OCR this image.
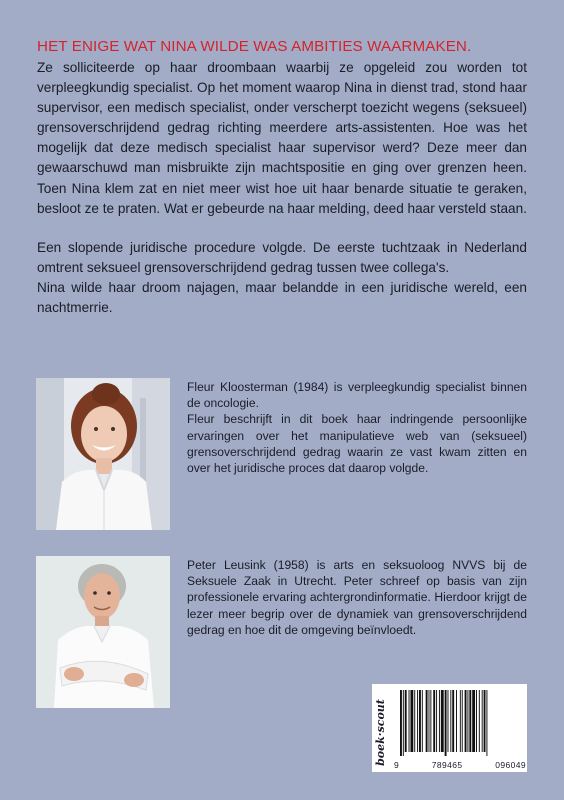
HET ENIGE WAT NINA WILDE WAS AMBITIES WAARMAKEN.

Ze solliciteerde op haar droombaan waarbij ze opgeleid zou worden tot verpleegkundig specialist. Op het moment waarop Nina in dienst trad, stond haar supervisor, een medisch specialist, onder verscherpt toezicht wegens (seksueel) grensoverschrijdend gedrag richting meerdere arts-assistenten. Hoe was het mogelijk dat deze medisch specialist haar supervisor werd? Deze meer dan gewaarschuwd man misbruikte zijn machtspositie en ging over grenzen heen. Toen Nina klem zat en niet meer wist hoe uit haar benarde situatie te geraken, besloot ze te praten. Wat er gebeurde na haar melding, deed haar versteld staan.

Een slopende juridische procedure volgde. De eerste tuchtzaak in Nederland omtrent seksueel grensoverschrijdend gedrag tussen twee collega's.

Nina wilde haar droom najagen, maar belandde in een juridische wereld, een nachtmerrie.

Fleur Kloosterman (1984) is verpleegkundig specialist binnen de oncologie.

Fleur beschrijft in dit boek haar indringende persoonlijke ervaringen over het manipulatieve web van (seksueel) grensoverschrijdend gedrag waarin ze vast kwam zitten en over het juridische proces dat daarop volgde.

Peter Leusink (1958) is arts en seksuoloog NVVS bij de Seksuele Zaak in Utrecht. Peter schreef op basis van zijn professionele ervaring achtergrondinformatie. Hierdoor krijgt de lezer meer begrip over de dynamiek van grensoverschrijdend gedrag en hoe dit de omgeving beïnvloedt.

boek·scout 9	789465	096049
